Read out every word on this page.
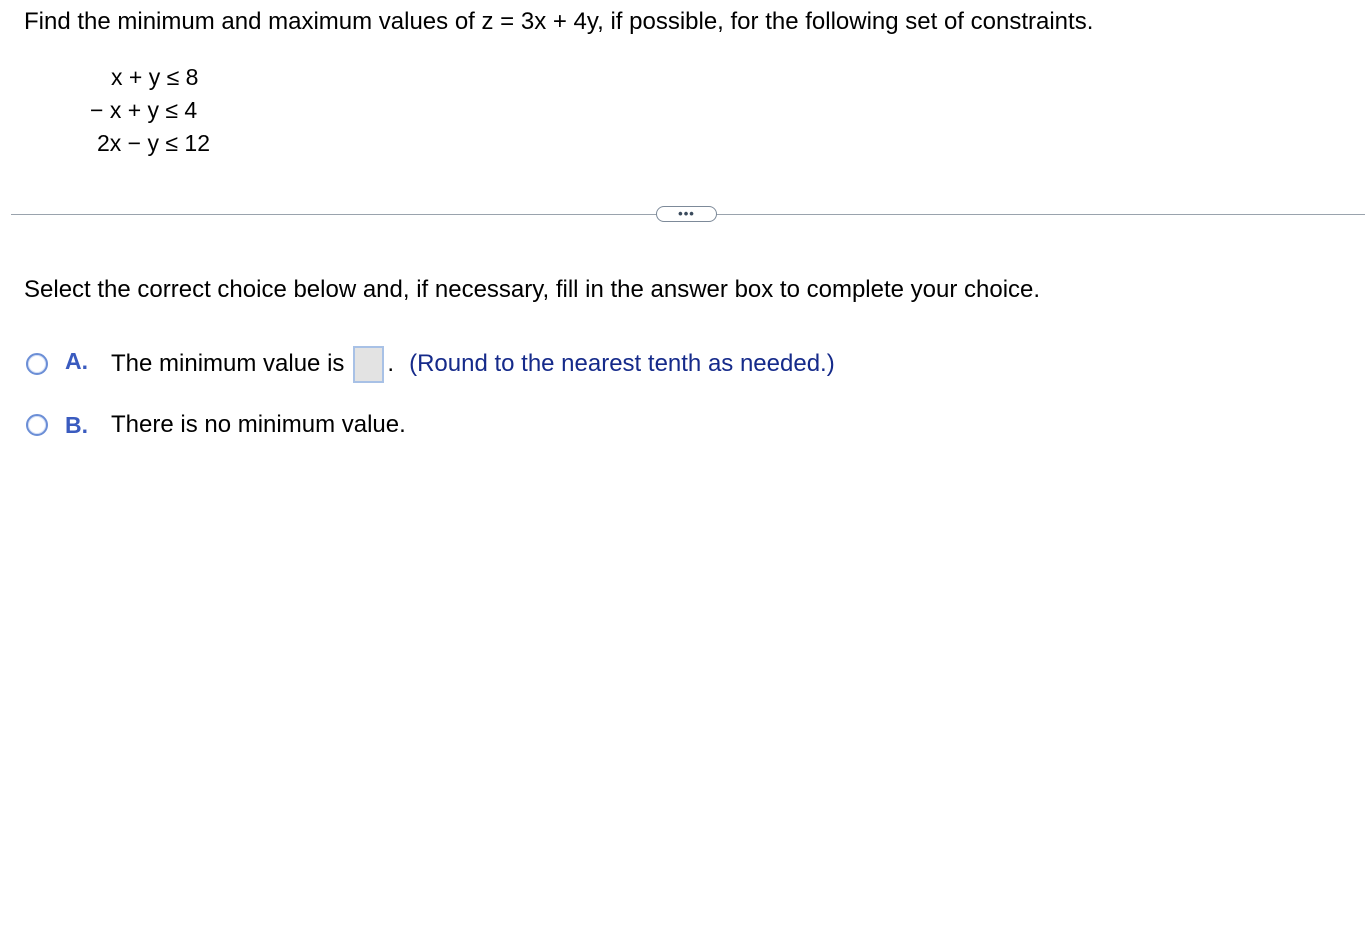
Find the minimum and maximum values of z = 3x + 4y, if possible, for the following set of constraints.
x + y ≤ 8
− x + y ≤ 4
2x − y ≤ 12
•••
Select the correct choice below and, if necessary, fill in the answer box to complete your choice.
A. The minimum value is . (Round to the nearest tenth as needed.)
B. There is no minimum value.
